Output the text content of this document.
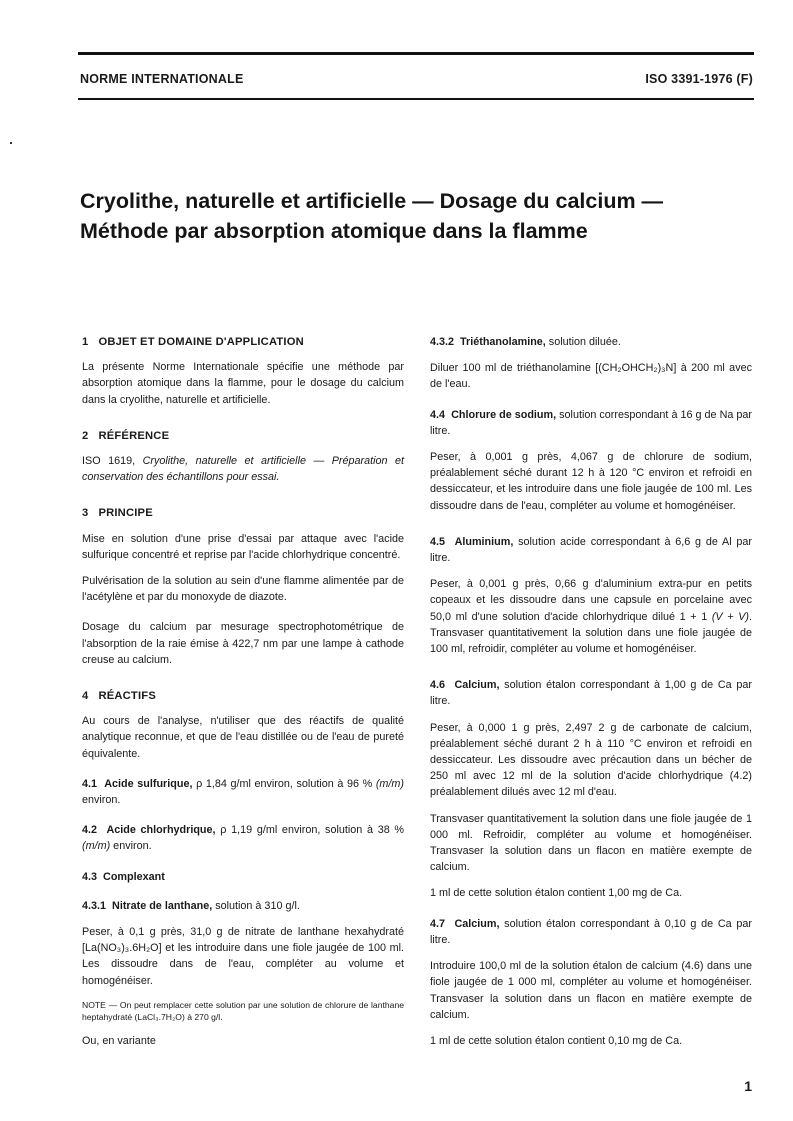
NORME INTERNATIONALE	ISO 3391-1976 (F)
Cryolithe, naturelle et artificielle — Dosage du calcium —
Méthode par absorption atomique dans la flamme
1 OBJET ET DOMAINE D'APPLICATION

La présente Norme Internationale spécifie une méthode par absorption atomique dans la flamme, pour le dosage du calcium dans la cryolithe, naturelle et artificielle.

2 RÉFÉRENCE

ISO 1619, Cryolithe, naturelle et artificielle — Préparation et conservation des échantillons pour essai.

3 PRINCIPE

Mise en solution d'une prise d'essai par attaque avec l'acide sulfurique concentré et reprise par l'acide chlorhydrique concentré.

Pulvérisation de la solution au sein d'une flamme alimentée par de l'acétylène et par du monoxyde de diazote.

Dosage du calcium par mesurage spectrophotométrique de l'absorption de la raie émise à 422,7 nm par une lampe à cathode creuse au calcium.

4 RÉACTIFS

Au cours de l'analyse, n'utiliser que des réactifs de qualité analytique reconnue, et que de l'eau distillée ou de l'eau de pureté équivalente.

4.1 Acide sulfurique, ρ 1,84 g/ml environ, solution à 96 % (m/m) environ.

4.2 Acide chlorhydrique, ρ 1,19 g/ml environ, solution à 38 % (m/m) environ.

4.3 Complexant

4.3.1 Nitrate de lanthane, solution à 310 g/l.

Peser, à 0,1 g près, 31,0 g de nitrate de lanthane hexahydraté [La(NO₃)₃.6H₂O] et les introduire dans une fiole jaugée de 100 ml. Les dissoudre dans de l'eau, compléter au volume et homogénéiser.

NOTE — On peut remplacer cette solution par une solution de chlorure de lanthane heptahydraté (LaCl₃.7H₂O) à 270 g/l.

Ou, en variante

4.3.2 Triéthanolamine, solution diluée.

Diluer 100 ml de triéthanolamine [(CH₂OHCH₂)₃N] à 200 ml avec de l'eau.

4.4 Chlorure de sodium, solution correspondant à 16 g de Na par litre.

Peser, à 0,001 g près, 4,067 g de chlorure de sodium, préalablement séché durant 12 h à 120 °C environ et refroidi en dessiccateur, et les introduire dans une fiole jaugée de 100 ml. Les dissoudre dans de l'eau, compléter au volume et homogénéiser.

4.5 Aluminium, solution acide correspondant à 6,6 g de Al par litre.

Peser, à 0,001 g près, 0,66 g d'aluminium extra-pur en petits copeaux et les dissoudre dans une capsule en porcelaine avec 50,0 ml d'une solution d'acide chlorhydrique dilué 1 + 1 (V + V). Transvaser quantitativement la solution dans une fiole jaugée de 100 ml, refroidir, compléter au volume et homogénéiser.

4.6 Calcium, solution étalon correspondant à 1,00 g de Ca par litre.

Peser, à 0,000 1 g près, 2,497 2 g de carbonate de calcium, préalablement séché durant 2 h à 110 °C environ et refroidi en dessiccateur. Les dissoudre avec précaution dans un bécher de 250 ml avec 12 ml de la solution d'acide chlorhydrique (4.2) préalablement dilués avec 12 ml d'eau.

Transvaser quantitativement la solution dans une fiole jaugée de 1 000 ml. Refroidir, compléter au volume et homogénéiser. Transvaser la solution dans un flacon en matière exempte de calcium.

1 ml de cette solution étalon contient 1,00 mg de Ca.

4.7 Calcium, solution étalon correspondant à 0,10 g de Ca par litre.

Introduire 100,0 ml de la solution étalon de calcium (4.6) dans une fiole jaugée de 1 000 ml, compléter au volume et homogénéiser. Transvaser la solution dans un flacon en matière exempte de calcium.

1 ml de cette solution étalon contient 0,10 mg de Ca.

1
